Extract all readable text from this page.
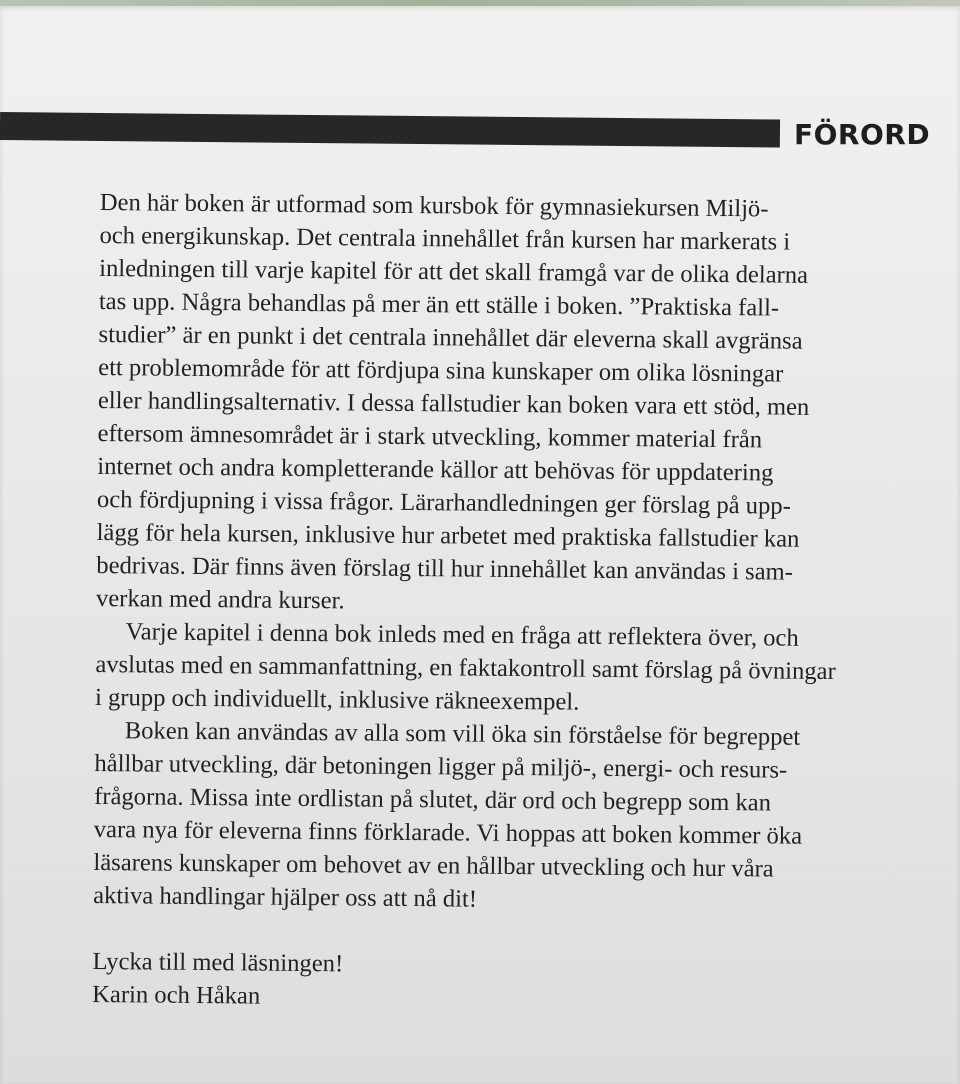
FÖRORD
Den här boken är utformad som kursbok för gymnasiekursen Miljö-
och energikunskap. Det centrala innehållet från kursen har markerats i
inledningen till varje kapitel för att det skall framgå var de olika delarna
tas upp. Några behandlas på mer än ett ställe i boken. ”Praktiska fall-
studier” är en punkt i det centrala innehållet där eleverna skall avgränsa
ett problemområde för att fördjupa sina kunskaper om olika lösningar
eller handlingsalternativ. I dessa fallstudier kan boken vara ett stöd, men
eftersom ämnesområdet är i stark utveckling, kommer material från
internet och andra kompletterande källor att behövas för uppdatering
och fördjupning i vissa frågor. Lärarhandledningen ger förslag på upp-
lägg för hela kursen, inklusive hur arbetet med praktiska fallstudier kan
bedrivas. Där finns även förslag till hur innehållet kan användas i sam-
verkan med andra kurser.
Varje kapitel i denna bok inleds med en fråga att reflektera över, och
avslutas med en sammanfattning, en faktakontroll samt förslag på övningar
i grupp och individuellt, inklusive räkneexempel.
Boken kan användas av alla som vill öka sin förståelse för begreppet
hållbar utveckling, där betoningen ligger på miljö-, energi- och resurs-
frågorna. Missa inte ordlistan på slutet, där ord och begrepp som kan
vara nya för eleverna finns förklarade. Vi hoppas att boken kommer öka
läsarens kunskaper om behovet av en hållbar utveckling och hur våra
aktiva handlingar hjälper oss att nå dit!
Lycka till med läsningen!
Karin och Håkan
